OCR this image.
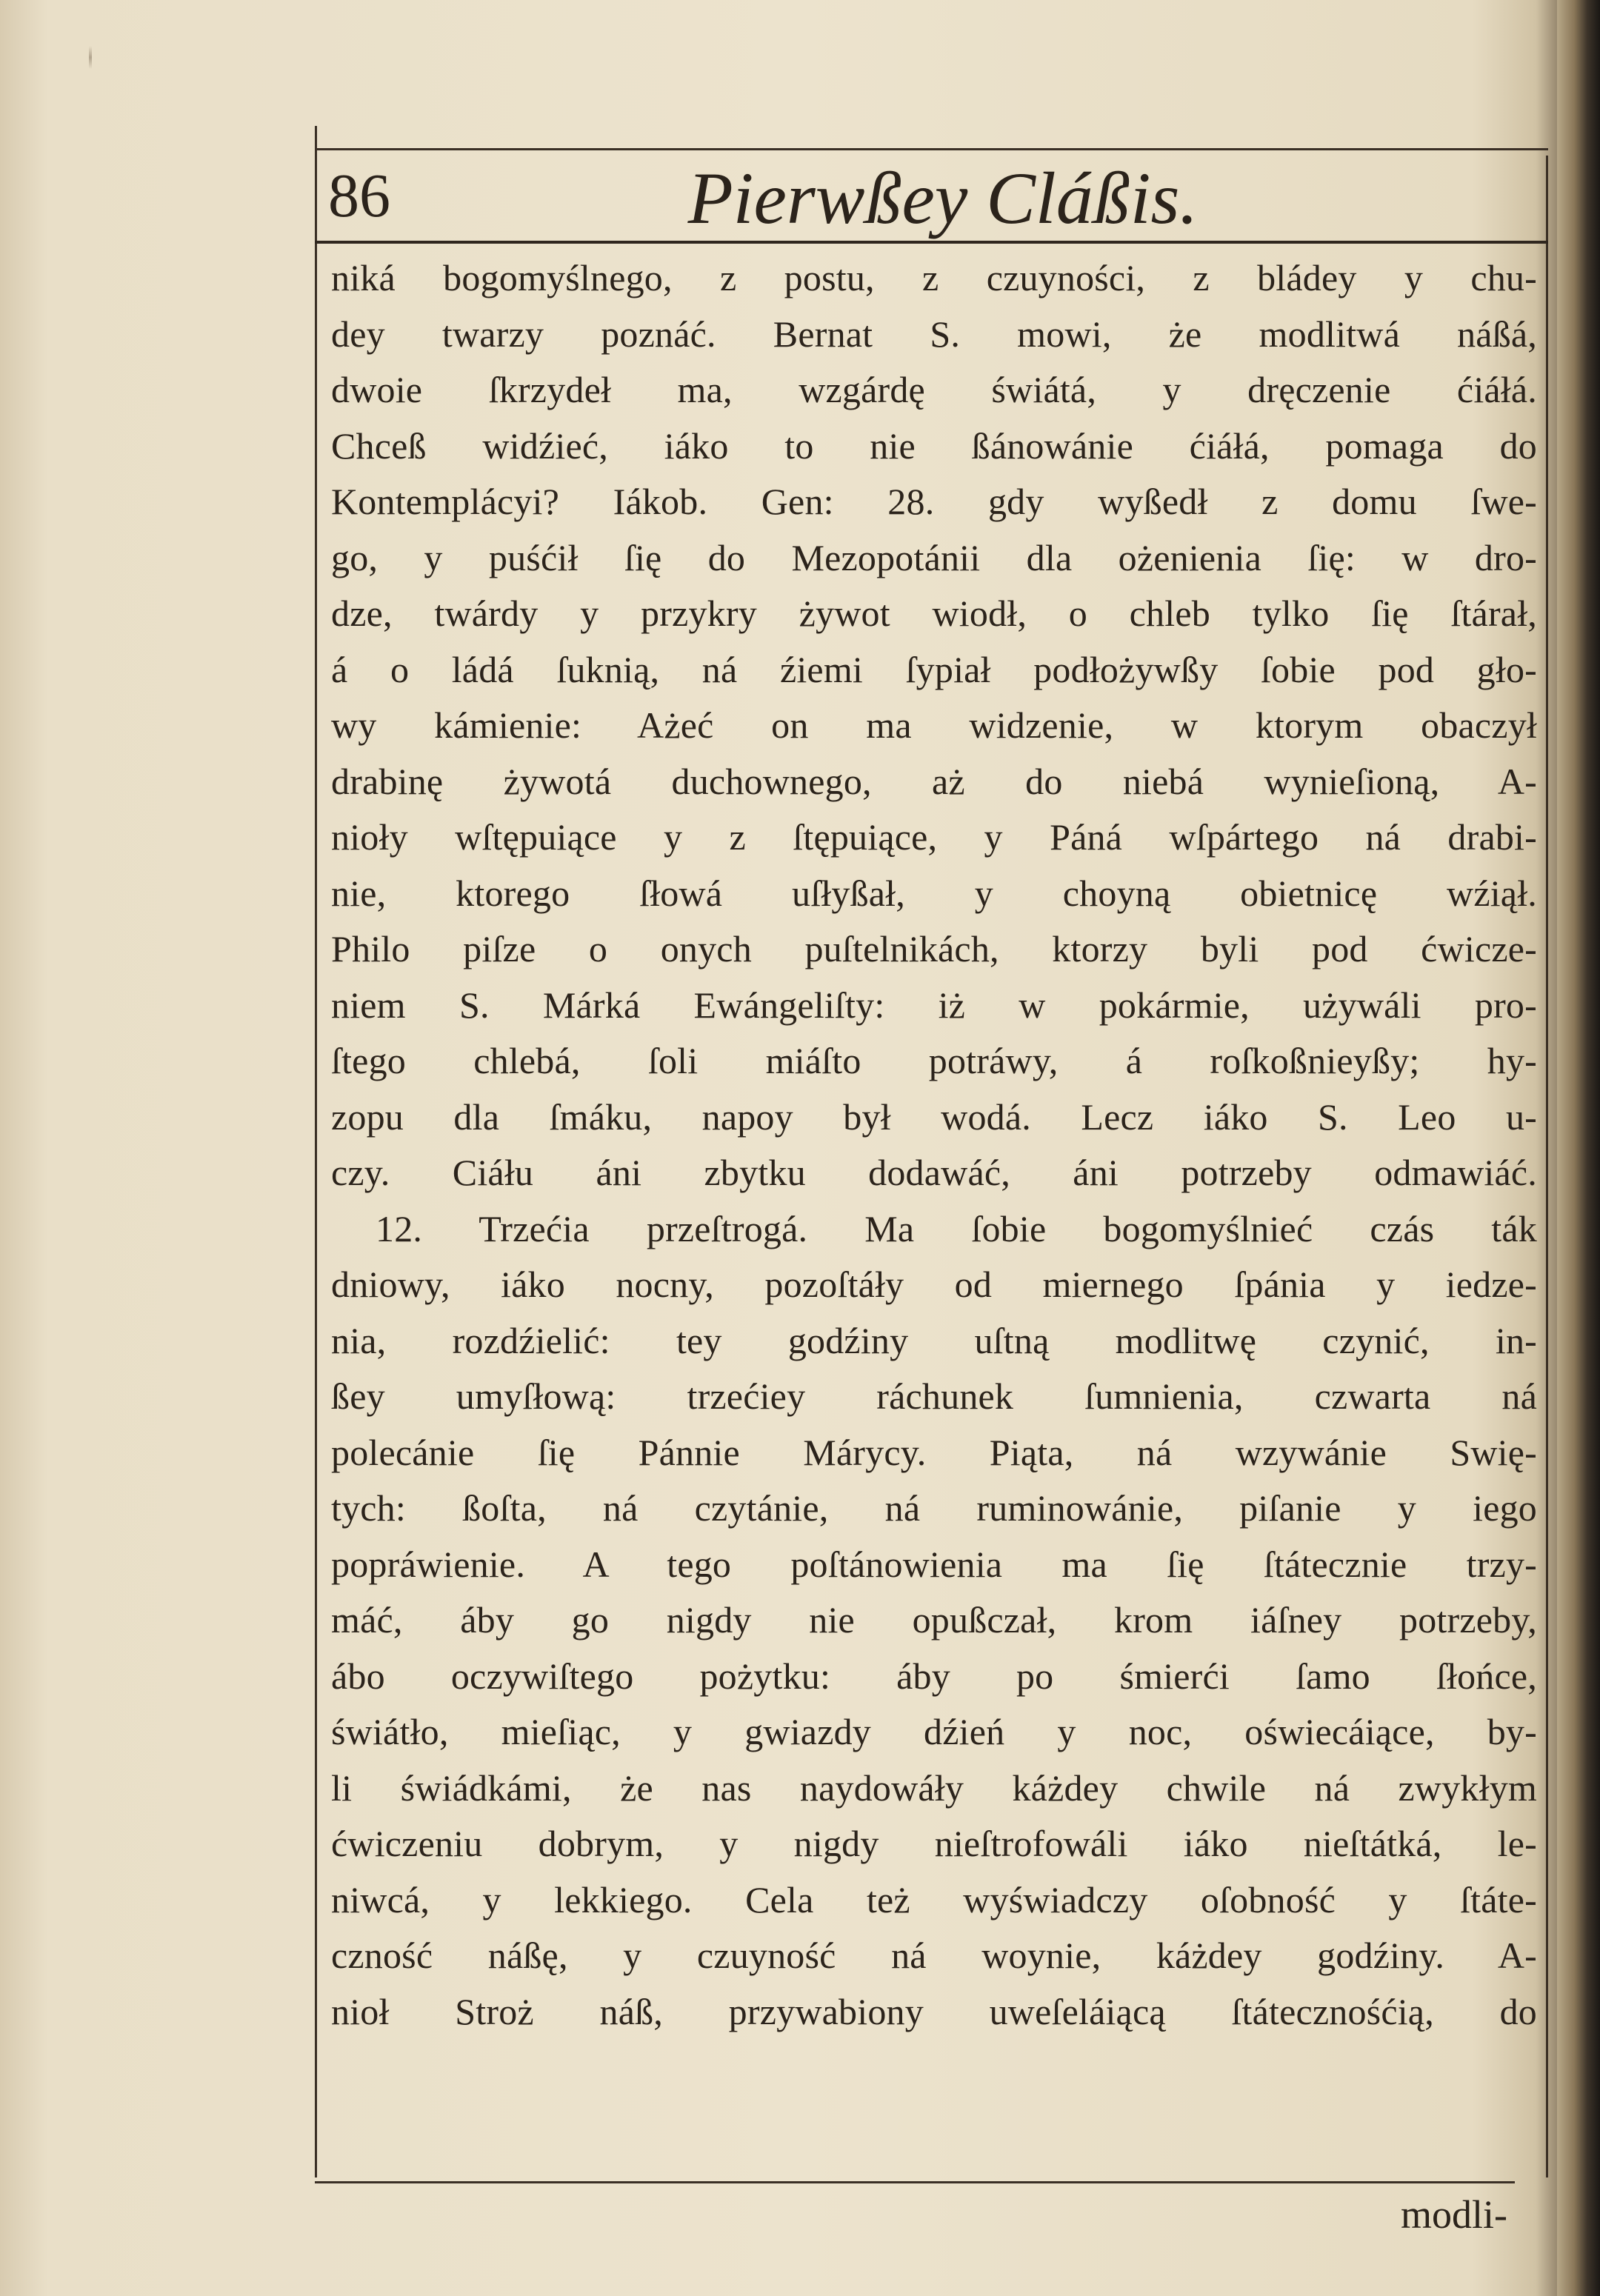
86	Pierwßey Cláßis.
niká bogomyślnego, z postu, z czuyności, z bládey y chu-
dey twarzy poznáć. Bernat S. mowi, że modlitwá náßá,
dwoie ſkrzydeł ma, wzgárdę świátá, y dręczenie ćiáłá.
Chceß widźieć, iáko to nie ßánowánie ćiáłá, pomaga do
Kontemplácyi? Iákob. Gen: 28. gdy wyßedł z domu ſwe-
go, y puśćił ſię do Mezopotánii dla ożenienia ſię: w dro-
dze, twárdy y przykry żywot wiodł, o chleb tylko ſię ſtárał,
á o ládá ſuknią, ná źiemi ſypiał podłożywßy ſobie pod gło-
wy kámienie: Ażeć on ma widzenie, w ktorym obaczył
drabinę żywotá duchownego, aż do niebá wynieſioną, A-
nioły wſtępuiące y z ſtępuiące, y Páná wſpártego ná drabi-
nie, ktorego ſłowá uſłyßał, y choyną obietnicę wźiął.
Philo piſze o onych puſtelnikách, ktorzy byli pod ćwicze-
niem S. Márká Ewángeliſty: iż w pokármie, używáli pro-
ſtego chlebá, ſoli miáſto potráwy, á roſkoßnieyßy; hy-
zopu dla ſmáku, napoy był wodá. Lecz iáko S. Leo u-
czy. Ciáłu áni zbytku dodawáć, áni potrzeby odmawiáć.
12. Trzećia przeſtrogá. Ma ſobie bogomyślnieć czás ták
dniowy, iáko nocny, pozoſtáły od miernego ſpánia y iedze-
nia, rozdźielić: tey godźiny uſtną modlitwę czynić, in-
ßey umyſłową: trzećiey ráchunek ſumnienia, czwarta ná
polecánie ſię Pánnie Márycy. Piąta, ná wzywánie Swię-
tych: ßoſta, ná czytánie, ná ruminowánie, piſanie y iego
popráwienie. A tego poſtánowienia ma ſię ſtátecznie trzy-
máć, áby go nigdy nie opußczał, krom iáſney potrzeby,
ábo oczywiſtego pożytku: áby po śmierći ſamo ſłońce,
świátło, mieſiąc, y gwiazdy dźień y noc, oświecáiące, by-
li świádkámi, że nas naydowáły káżdey chwile ná zwykłym
ćwiczeniu dobrym, y nigdy nieſtrofowáli iáko nieſtátká, le-
niwcá, y lekkiego. Cela też wyświadczy oſobność y ſtáte-
czność náßę, y czuyność ná woynie, káżdey godźiny. A-
nioł Stroż náß, przywabiony uweſeláiącą ſtátecznośćią, do
modli-
